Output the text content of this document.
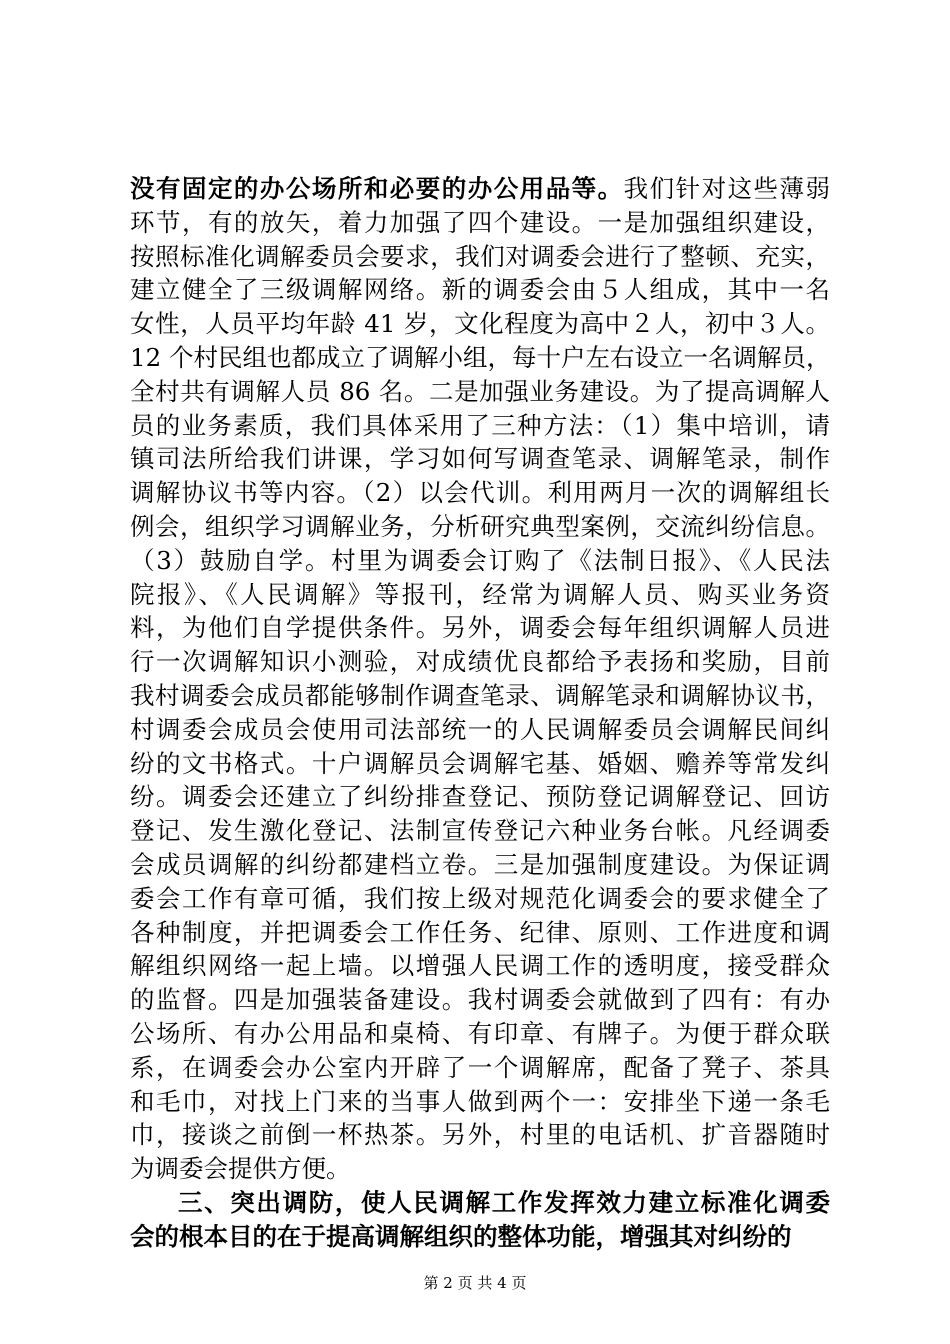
没有固定的办公场所和必要的办公用品等。我们针对这些薄弱
环节，有的放矢，着力加强了四个建设。一是加强组织建设，
按照标准化调解委员会要求，我们对调委会进行了整顿、充实，
建立健全了三级调解网络。新的调委会由５人组成，其中一名
女性，人员平均年龄 41 岁，文化程度为高中２人，初中３人。
12 个村民组也都成立了调解小组，每十户左右设立一名调解员，
全村共有调解人员 86 名。二是加强业务建设。为了提高调解人
员的业务素质，我们具体采用了三种方法：（1）集中培训，请
镇司法所给我们讲课，学习如何写调查笔录、调解笔录，制作
调解协议书等内容。（2）以会代训。利用两月一次的调解组长
例会，组织学习调解业务，分析研究典型案例，交流纠纷信息。
（3）鼓励自学。村里为调委会订购了《法制日报》、《人民法
院报》、《人民调解》等报刊，经常为调解人员、购买业务资
料，为他们自学提供条件。另外，调委会每年组织调解人员进
行一次调解知识小测验，对成绩优良都给予表扬和奖励，目前
我村调委会成员都能够制作调查笔录、调解笔录和调解协议书，
村调委会成员会使用司法部统一的人民调解委员会调解民间纠
纷的文书格式。十户调解员会调解宅基、婚姻、赡养等常发纠
纷。调委会还建立了纠纷排查登记、预防登记调解登记、回访
登记、发生激化登记、法制宣传登记六种业务台帐。凡经调委
会成员调解的纠纷都建档立卷。三是加强制度建设。为保证调
委会工作有章可循，我们按上级对规范化调委会的要求健全了
各种制度，并把调委会工作任务、纪律、原则、工作进度和调
解组织网络一起上墙。以增强人民调工作的透明度，接受群众
的监督。四是加强装备建设。我村调委会就做到了四有：有办
公场所、有办公用品和桌椅、有印章、有牌子。为便于群众联
系，在调委会办公室内开辟了一个调解席，配备了凳子、茶具
和毛巾，对找上门来的当事人做到两个一：安排坐下递一条毛
巾，接谈之前倒一杯热茶。另外，村里的电话机、扩音器随时
为调委会提供方便。
三、突出调防，使人民调解工作发挥效力建立标准化调委
会的根本目的在于提高调解组织的整体功能，增强其对纠纷的
第 2 页 共 4 页
